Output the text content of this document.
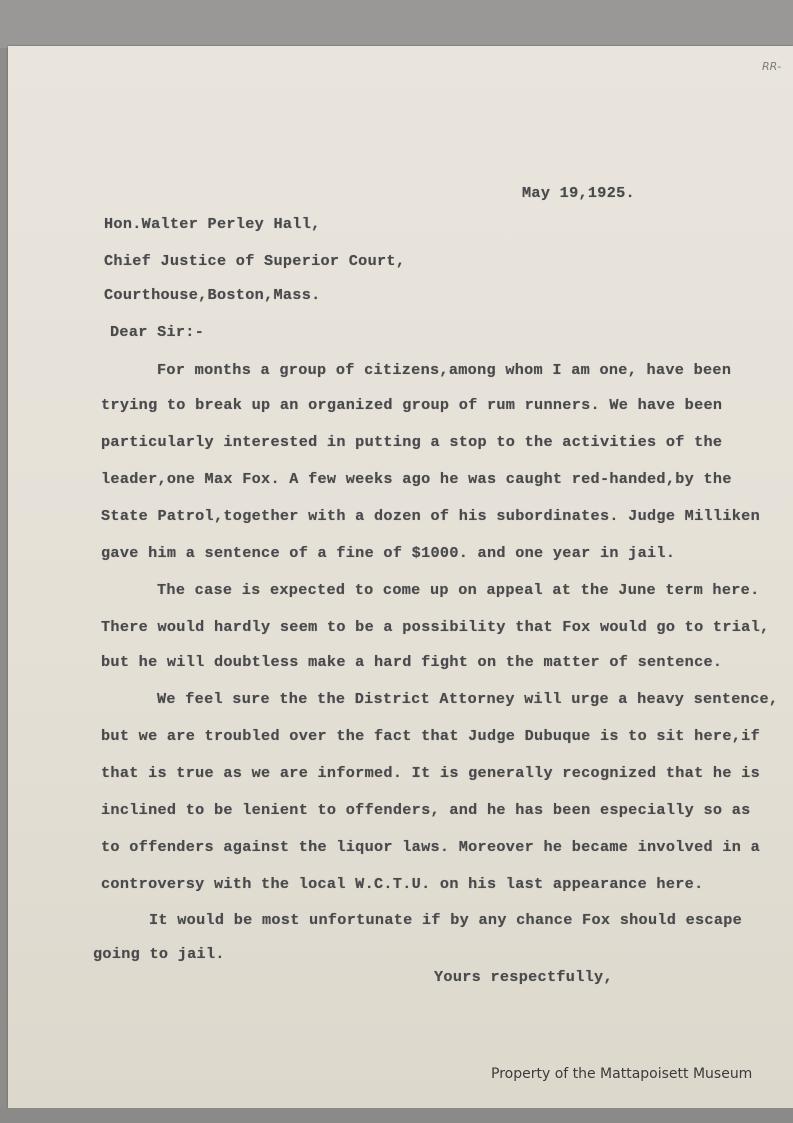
RR-
May 19,1925.
Hon.Walter Perley Hall,
Chief Justice of Superior Court,
Courthouse,Boston,Mass.
Dear Sir:-
For months a group of citizens,among whom I am one, have been
trying to break up an organized group of rum runners. We have been
particularly interested in putting a stop to the activities of the
leader,one Max Fox. A few weeks ago he was caught red-handed,by the
State Patrol,together with a dozen of his subordinates. Judge Milliken
gave him a sentence of a fine of $1000. and one year in jail.
The case is expected to come up on appeal at the June term here.
There would hardly seem to be a possibility that Fox would go to trial,
but he will doubtless make a hard fight on the matter of sentence.
We feel sure the the District Attorney will urge a heavy sentence,
but we are troubled over the fact that Judge Dubuque is to sit here,if
that is true as we are informed. It is generally recognized that he is
inclined to be lenient to offenders, and he has been especially so as
to offenders against the liquor laws. Moreover he became involved in a
controversy with the local W.C.T.U. on his last appearance here.
It would be most unfortunate if by any chance Fox should escape
going to jail.
Yours respectfully,
Property of the Mattapoisett Museum
